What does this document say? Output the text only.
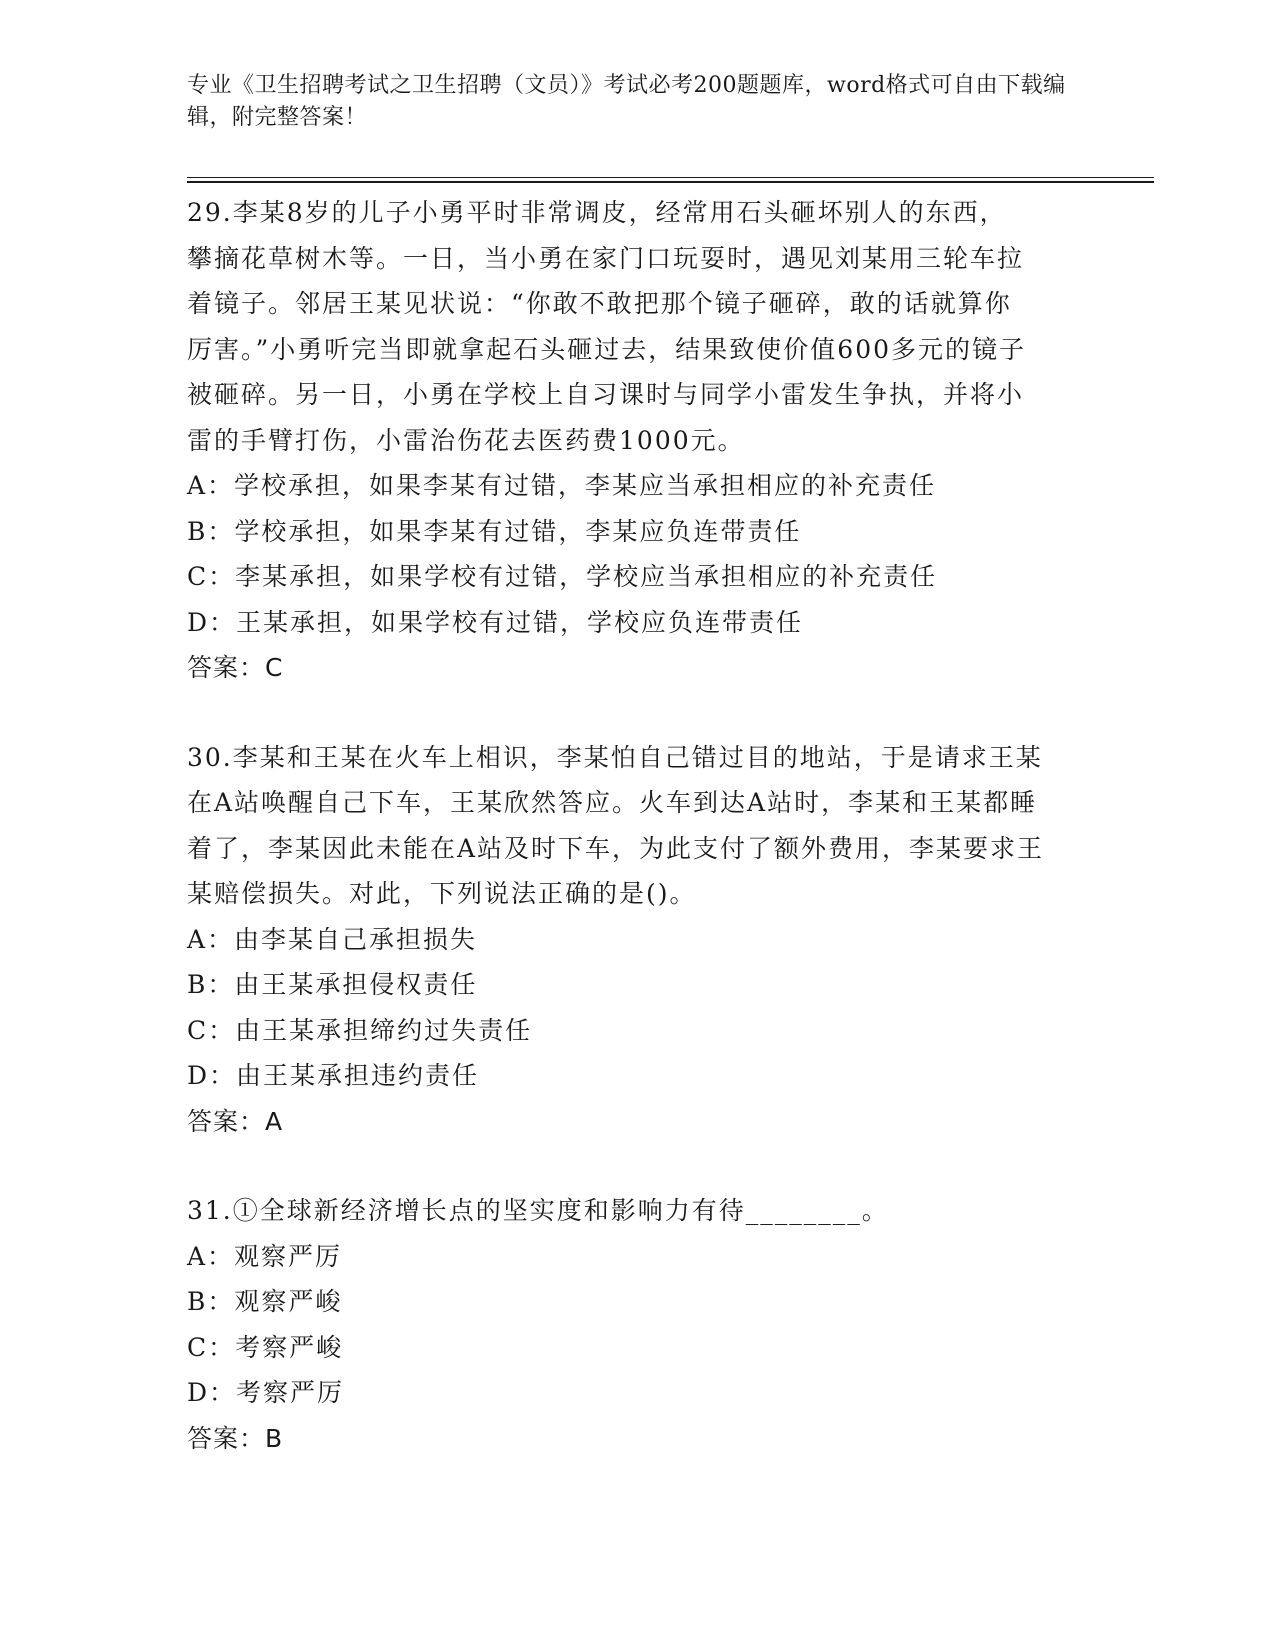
专业《卫生招聘考试之卫生招聘（文员）》考试必考200题题库，word格式可自由下载编辑，附完整答案！

29.李某8岁的儿子小勇平时非常调皮，经常用石头砸坏别人的东西，攀摘花草树木等。一日，当小勇在家门口玩耍时，遇见刘某用三轮车拉着镜子。邻居王某见状说：“你敢不敢把那个镜子砸碎，敢的话就算你厉害。”小勇听完当即就拿起石头砸过去，结果致使价值600多元的镜子被砸碎。另一日，小勇在学校上自习课时与同学小雷发生争执，并将小雷的手臂打伤，小雷治伤花去医药费1000元。

A：学校承担，如果李某有过错，李某应当承担相应的补充责任

B：学校承担，如果李某有过错，李某应负连带责任

C：李某承担，如果学校有过错，学校应当承担相应的补充责任

D：王某承担，如果学校有过错，学校应负连带责任

答案：C

30.李某和王某在火车上相识，李某怕自己错过目的地站，于是请求王某在A站唤醒自己下车，王某欣然答应。火车到达A站时，李某和王某都睡着了，李某因此未能在A站及时下车，为此支付了额外费用，李某要求王某赔偿损失。对此，下列说法正确的是()。

A：由李某自己承担损失

B：由王某承担侵权责任

C：由王某承担缔约过失责任

D：由王某承担违约责任

答案：A

31.①全球新经济增长点的坚实度和影响力有待________。

A：观察严厉

B：观察严峻

C：考察严峻

D：考察严厉

答案：B
